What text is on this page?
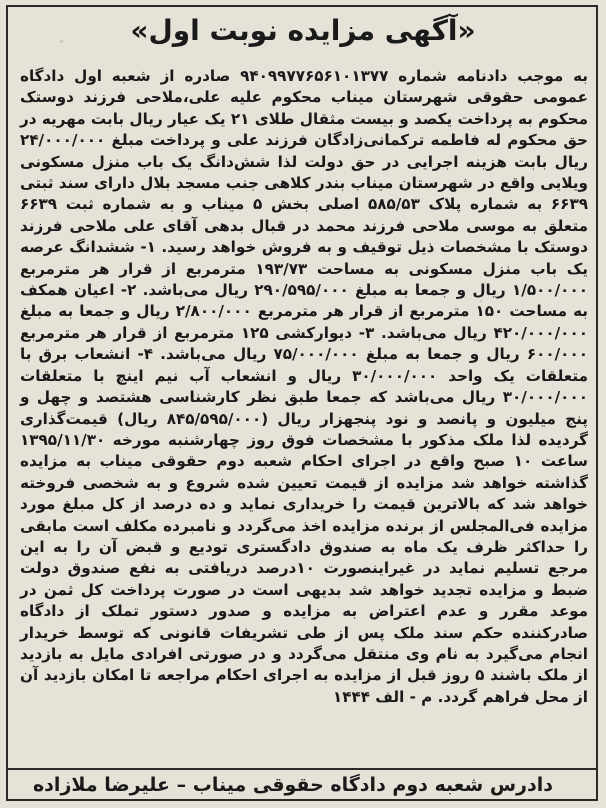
«آگهی مزایده نوبت اول»

به موجب دادنامه شماره ۹۴۰۹۹۷۷۶۵۶۱۰۱۳۷۷ صادره از شعبه اول دادگاه عمومی حقوقی شهرستان میناب محکوم علیه علی،ملاحی فرزند دوستک محکوم به پرداخت یکصد و بیست مثقال طلای ۲۱ یک عیار ریال بابت مهریه در حق محکوم له فاطمه ترکمانی‌زادگان فرزند علی و پرداخت مبلغ ۲۴/۰۰۰/۰۰۰ ریال بابت هزینه اجرایی در حق دولت لذا شش‌دانگ یک باب منزل مسکونی ویلایی واقع در شهرستان میناب بندر کلاهی جنب مسجد بلال دارای سند ثبتی ۶۶۳۹ به شماره پلاک ۵۸۵/۵۳ اصلی بخش ۵ میناب و به شماره ثبت ۶۶۳۹ متعلق به موسی ملاحی فرزند محمد در قبال بدهی آقای علی ملاحی فرزند دوستک با مشخصات ذیل توقیف و به فروش خواهد رسید. ۱- ششدانگ عرصه یک باب منزل مسکونی به مساحت ۱۹۳/۷۳ مترمربع از قرار هر مترمربع ۱/۵۰۰/۰۰۰ ریال و جمعا به مبلغ ۲۹۰/۵۹۵/۰۰۰ ریال می‌باشد. ۲- اعیان همکف به مساحت ۱۵۰ مترمربع از قرار هر مترمربع ۲/۸۰۰/۰۰۰ ریال و جمعا به مبلغ ۴۲۰/۰۰۰/۰۰۰ ریال می‌باشد. ۳- دیوارکشی ۱۲۵ مترمربع از قرار هر مترمربع ۶۰۰/۰۰۰ ریال و جمعا به مبلغ ۷۵/۰۰۰/۰۰۰ ریال می‌باشد. ۴- انشعاب برق با متعلقات یک واحد ۳۰/۰۰۰/۰۰۰ ریال و انشعاب آب نیم اینچ با متعلقات ۳۰/۰۰۰/۰۰۰ ریال می‌باشد که جمعا طبق نظر کارشناسی هشتصد و چهل و پنج میلیون و پانصد و نود پنجهزار ریال (۸۴۵/۵۹۵/۰۰۰ ریال) قیمت‌گذاری گردیده لذا ملک مذکور با مشخصات فوق روز چهارشنبه مورخه ۱۳۹۵/۱۱/۳۰ ساعت ۱۰ صبح واقع در اجرای احکام شعبه دوم حقوقی میناب به مزایده گذاشته خواهد شد مزایده از قیمت تعیین شده شروع و به شخصی فروخته خواهد شد که بالاترین قیمت را خریداری نماید و ده درصد از کل مبلغ مورد مزایده فی‌المجلس از برنده مزایده اخذ می‌گردد و نامبرده مکلف است مابقی را حداکثر ظرف یک ماه به صندوق دادگستری تودیع و قبض آن را به این مرجع تسلیم نماید در غیراینصورت ۱۰درصد دریافتی به نفع صندوق دولت ضبط و مزایده تجدید خواهد شد بدیهی است در صورت پرداخت کل ثمن در موعد مقرر و عدم اعتراض به مزایده و صدور دستور تملک از دادگاه صادرکننده حکم سند ملک پس از طی تشریفات قانونی که توسط خریدار انجام می‌گیرد به نام وی منتقل می‌گردد و در صورتی افرادی مایل به بازدید از ملک باشند ۵ روز قبل از مزایده به اجرای احکام مراجعه تا امکان بازدید آن از محل فراهم گردد. م - الف ۱۴۴۴

دادرس شعبه دوم دادگاه حقوقی میناب – علیرضا ملازاده
